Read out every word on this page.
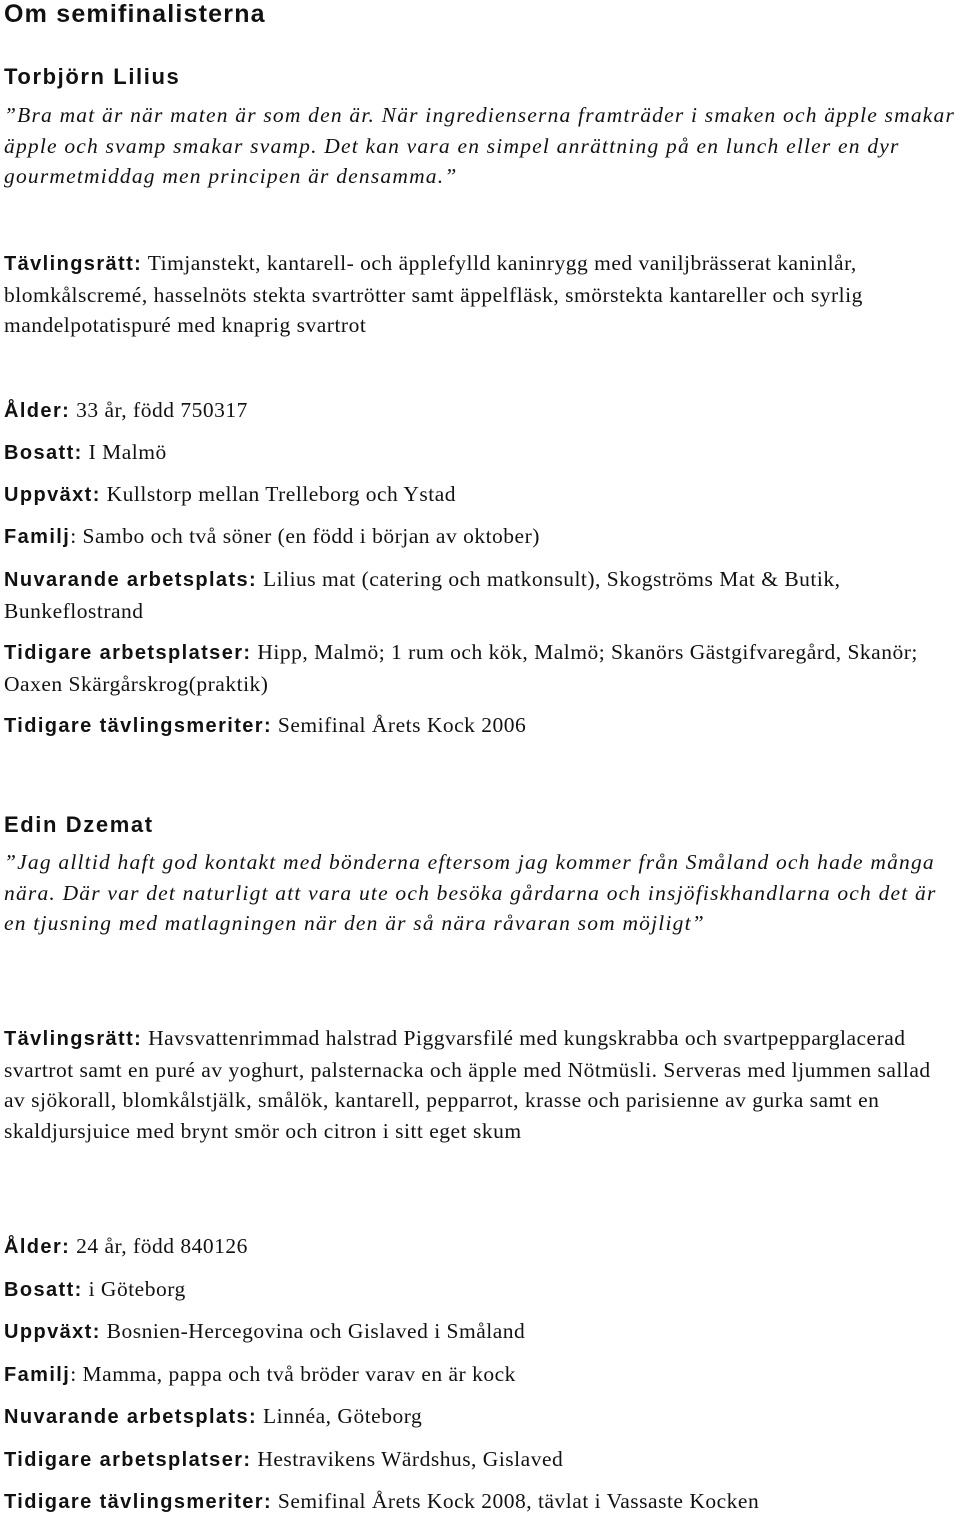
Om semifinalisterna
Torbjörn Lilius

”Bra mat är när maten är som den är. När ingredienserna framträder i smaken och äpple smakar äpple och svamp smakar svamp. Det kan vara en simpel anrättning på en lunch eller en dyr gourmetmiddag men principen är densamma.”

Tävlingsrätt: Timjanstekt, kantarell- och äpplefylld kaninrygg med vaniljbrässerat kaninlår, blomkålscremé, hasselnöts stekta svartrötter samt äppelfläsk, smörstekta kantareller och syrlig mandelpotatispuré med knaprig svartrot

Ålder: 33 år, född 750317

Bosatt: I Malmö

Uppväxt: Kullstorp mellan Trelleborg och Ystad

Familj: Sambo och två söner (en född i början av oktober)

Nuvarande arbetsplats: Lilius mat (catering och matkonsult), Skogströms Mat & Butik, Bunkeflostrand

Tidigare arbetsplatser: Hipp, Malmö; 1 rum och kök, Malmö; Skanörs Gästgifvaregård, Skanör; Oaxen Skärgårskrog(praktik)

Tidigare tävlingsmeriter: Semifinal Årets Kock 2006

Edin Dzemat

”Jag alltid haft god kontakt med bönderna eftersom jag kommer från Småland och hade många nära. Där var det naturligt att vara ute och besöka gårdarna och insjöfiskhandlarna och det är en tjusning med matlagningen när den är så nära råvaran som möjligt”

Tävlingsrätt: Havsvattenrimmad halstrad Piggvarsfilé med kungskrabba och svartpepparglacerad svartrot samt en puré av yoghurt, palsternacka och äpple med Nötmüsli. Serveras med ljummen sallad av sjökorall, blomkålstjälk, smålök, kantarell, pepparrot, krasse och parisienne av gurka samt en skaldjursjuice med brynt smör och citron i sitt eget skum

Ålder: 24 år, född 840126

Bosatt: i Göteborg

Uppväxt: Bosnien-Hercegovina och Gislaved i Småland

Familj: Mamma, pappa och två bröder varav en är kock

Nuvarande arbetsplats: Linnéa, Göteborg

Tidigare arbetsplatser: Hestravikens Wärdshus, Gislaved

Tidigare tävlingsmeriter: Semifinal Årets Kock 2008, tävlat i Vassaste Kocken
